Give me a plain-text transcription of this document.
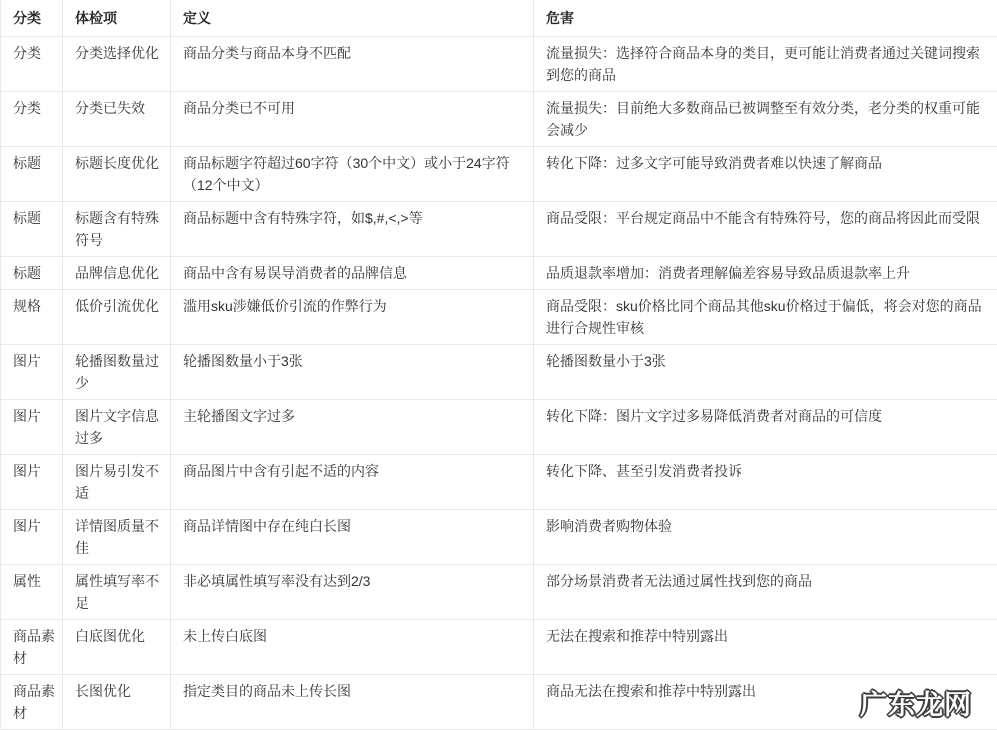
分类	体检项	定义	危害
分类	分类选择优化	商品分类与商品本身不匹配	流量损失：选择符合商品本身的类目，更可能让消费者通过关键词搜索到您的商品
分类	分类已失效	商品分类已不可用	流量损失：目前绝大多数商品已被调整至有效分类，老分类的权重可能会减少
标题	标题长度优化	商品标题字符超过60字符（30个中文）或小于24字符（12个中文）	转化下降：过多文字可能导致消费者难以快速了解商品
标题	标题含有特殊符号	商品标题中含有特殊字符，如$,#,<,>等	商品受限：平台规定商品中不能含有特殊符号，您的商品将因此而受限
标题	品牌信息优化	商品中含有易误导消费者的品牌信息	品质退款率增加：消费者理解偏差容易导致品质退款率上升
规格	低价引流优化	滥用sku涉嫌低价引流的作弊行为	商品受限：sku价格比同个商品其他sku价格过于偏低，将会对您的商品进行合规性审核
图片	轮播图数量过少	轮播图数量小于3张	轮播图数量小于3张
图片	图片文字信息过多	主轮播图文字过多	转化下降：图片文字过多易降低消费者对商品的可信度
图片	图片易引发不适	商品图片中含有引起不适的内容	转化下降、甚至引发消费者投诉
图片	详情图质量不佳	商品详情图中存在纯白长图	影响消费者购物体验
属性	属性填写率不足	非必填属性填写率没有达到2/3	部分场景消费者无法通过属性找到您的商品
商品素材	白底图优化	未上传白底图	无法在搜索和推荐中特别露出
商品素材	长图优化	指定类目的商品未上传长图	商品无法在搜索和推荐中特别露出	广东龙网
